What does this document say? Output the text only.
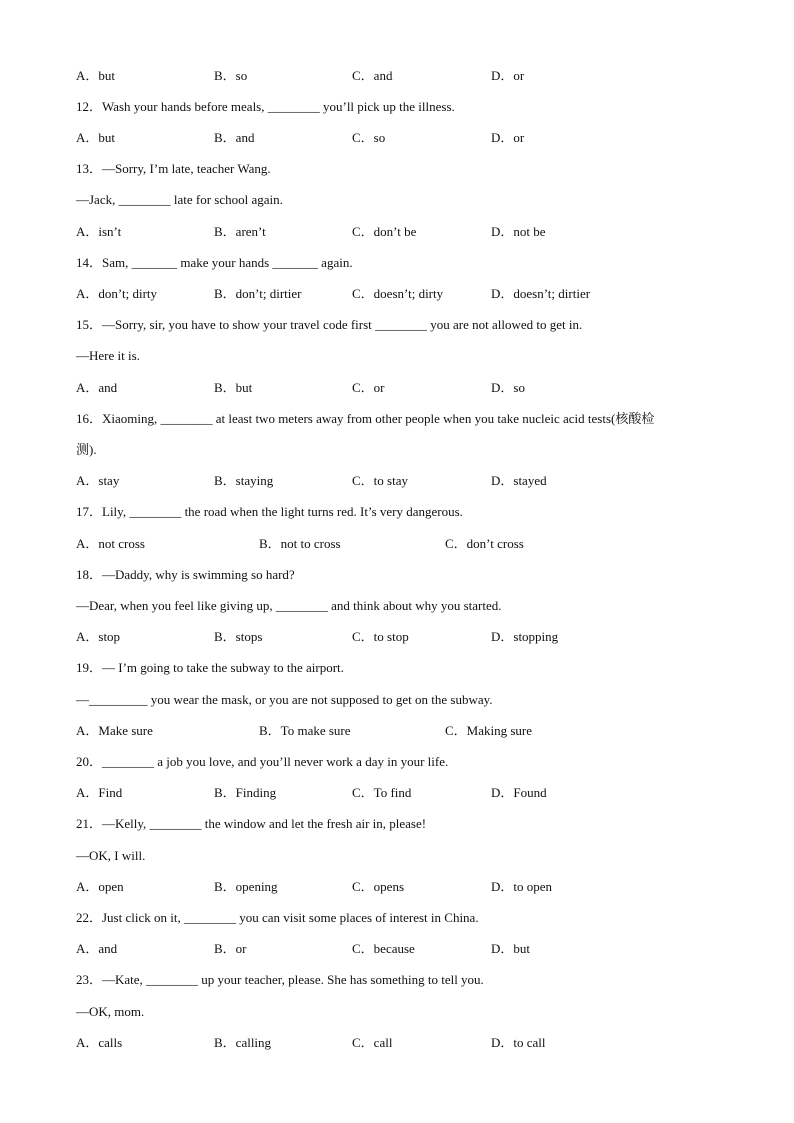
A．but	B．so	C．and	D．or
12．Wash your hands before meals, ________ you’ll pick up the illness.
A．but	B．and	C．so	D．or
13．—Sorry, I’m late, teacher Wang.
—Jack, ________ late for school again.
A．isn’t	B．aren’t	C．don’t be	D．not be
14．Sam, _______ make your hands _______ again.
A．don’t; dirty	B．don’t; dirtier	C．doesn’t; dirty	D．doesn’t; dirtier
15．—Sorry, sir, you have to show your travel code first ________ you are not allowed to get in.
—Here it is.
A．and	B．but	C．or	D．so
16．Xiaoming, ________ at least two meters away from other people when you take nucleic acid tests(核酸检
测).
A．stay	B．staying	C．to stay	D．stayed
17．Lily, ________ the road when the light turns red. It’s very dangerous.
A．not cross	B．not to cross	C．don’t cross
18．—Daddy, why is swimming so hard?
—Dear, when you feel like giving up, ________ and think about why you started.
A．stop	B．stops	C．to stop	D．stopping
19．— I’m going to take the subway to the airport.
—_________ you wear the mask, or you are not supposed to get on the subway.
A．Make sure	B．To make sure	C．Making sure
20．________ a job you love, and you’ll never work a day in your life.
A．Find	B．Finding	C．To find	D．Found
21．—Kelly, ________ the window and let the fresh air in, please!
—OK, I will.
A．open	B．opening	C．opens	D．to open
22．Just click on it, ________ you can visit some places of interest in China.
A．and	B．or	C．because	D．but
23．—Kate, ________ up your teacher, please. She has something to tell you.
—OK, mom.
A．calls	B．calling	C．call	D．to call
